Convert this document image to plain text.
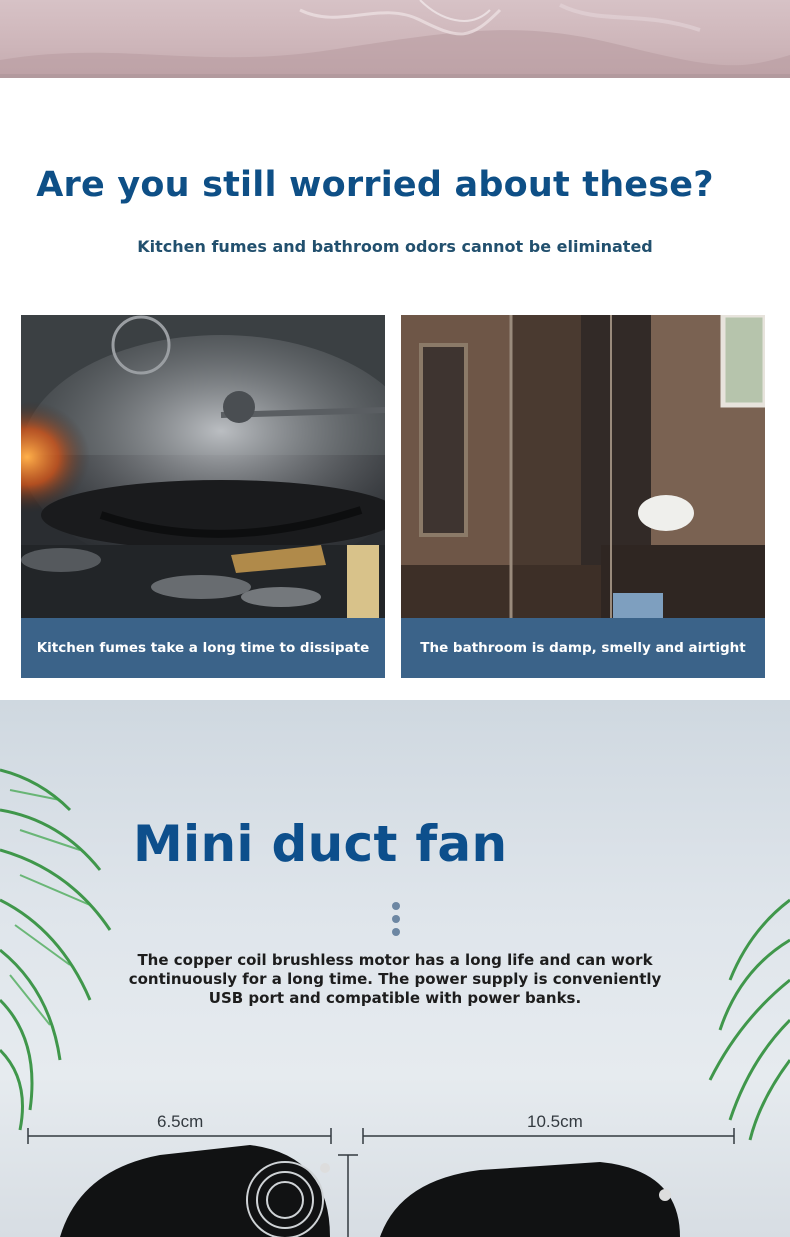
Are you still worried about these?
Kitchen fumes and bathroom odors cannot be eliminated
Kitchen fumes take a long time to dissipate	The bathroom is damp, smelly and airtight
Mini duct fan
The copper coil brushless motor has a long life and can work continuously for a long time. The power supply is conveniently USB port and compatible with power banks.
6.5cm	10.5cm
